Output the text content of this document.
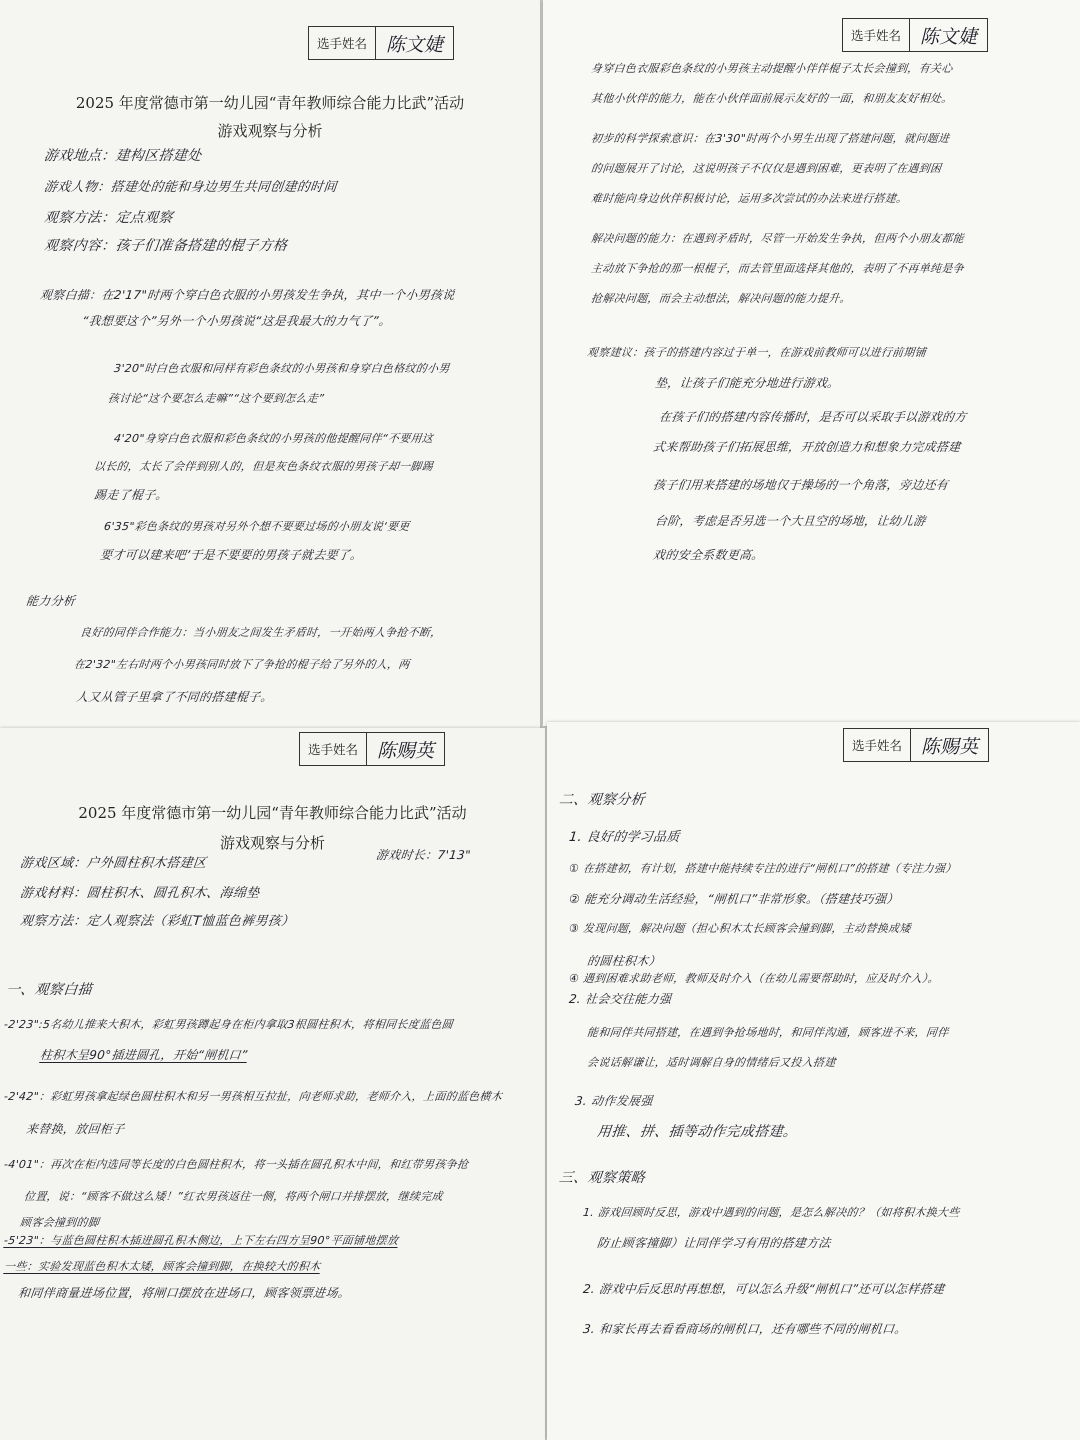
选手姓名	陈文婕
2025 年度常德市第一幼儿园“青年教师综合能力比武”活动
游戏观察与分析
游戏地点：建构区搭建处
游戏人物：搭建处的能和身边男生共同创建的时间
观察方法：定点观察
观察内容：孩子们准备搭建的棍子方格
观察白描：在2'17"时两个穿白色衣服的小男孩发生争执，其中一个小男孩说
“我想要这个”另外一个小男孩说“这是我最大的力气了”。
3'20"时白色衣服和同样有彩色条纹的小男孩和身穿白色格纹的小男
孩讨论“这个要怎么走嘛”“这个要到怎么走”
4'20"身穿白色衣服和彩色条纹的小男孩的他提醒同伴“不要用这
以长的，太长了会伴到别人的，但是灰色条纹衣服的男孩子却一脚踢
踢走了棍子。
6'35"彩色条纹的男孩对另外个想不要要过场的小朋友说‘要更
要才可以建来吧’于是不要要的男孩子就去要了。
能力分析
良好的同伴合作能力：当小朋友之间发生矛盾时，一开始两人争抢不断，
在2'32"左右时两个小男孩同时放下了争抢的棍子给了另外的人，两
人又从管子里拿了不同的搭建棍子。
选手姓名	陈文婕
身穿白色衣服彩色条纹的小男孩主动提醒小伴伴棍子太长会撞到，有关心
其他小伙伴的能力，能在小伙伴面前展示友好的一面，和朋友友好相处。
初步的科学探索意识：在3'30"时两个小男生出现了搭建问题，就问题进
的问题展开了讨论，这说明孩子不仅仅是遇到困难，更表明了在遇到困
难时能向身边伙伴积极讨论，运用多次尝试的办法来进行搭建。
解决问题的能力：在遇到矛盾时，尽管一开始发生争执，但两个小朋友都能
主动放下争抢的那一根棍子，而去管里面选择其他的，表明了不再单纯是争
抢解决问题，而会主动想法，解决问题的能力提升。
观察建议：孩子的搭建内容过于单一，在游戏前教师可以进行前期铺
垫，让孩子们能充分地进行游戏。
在孩子们的搭建内容传播时，是否可以采取手以游戏的方
式来帮助孩子们拓展思维，开放创造力和想象力完成搭建
孩子们用来搭建的场地仅于操场的一个角落，旁边还有
台阶，考虑是否另选一个大且空的场地，让幼儿游
戏的安全系数更高。
选手姓名	陈赐英
2025 年度常德市第一幼儿园“青年教师综合能力比武”活动
游戏观察与分析
游戏区域：户外圆柱积木搭建区
游戏时长：7'13"
游戏材料：圆柱积木、圆孔积木、海绵垫
观察方法：定人观察法（彩虹T恤蓝色裤男孩）
一、观察白描
-2'23":5名幼儿推来大积木，彩虹男孩蹲起身在柜内拿取3根圆柱积木，将相同长度蓝色圆
柱积木呈90°插进圆孔，开始“闸机口”
-2'42"：彩虹男孩拿起绿色圆柱积木和另一男孩相互拉扯，向老师求助，老师介入，上面的蓝色横木
来替换，放回柜子
-4'01"：再次在柜内选同等长度的白色圆柱积木，将一头插在圆孔积木中间，和红带男孩争抢
位置，说：“顾客不做这么矮！”红衣男孩返往一侧，将两个闸口并排摆放，继续完成
顾客会撞到的脚
-5'23"：与蓝色圆柱积木插进圆孔积木侧边，上下左右四方呈90°平面铺地摆放
一些：实验发现蓝色积木太矮，顾客会撞到脚，在换较大的积木
和同伴商量进场位置，将闸口摆放在进场口，顾客领票进场。
选手姓名	陈赐英
二、观察分析
1. 良好的学习品质
① 在搭建初，有计划，搭建中能持续专注的进行“闸机口”的搭建（专注力强）
② 能充分调动生活经验，“闸机口”非常形象。（搭建技巧强）
③ 发现问题，解决问题（担心积木太长顾客会撞到脚，主动替换成矮
的圆柱积木）
④ 遇到困难求助老师，教师及时介入（在幼儿需要帮助时，应及时介入）。
2. 社会交往能力强
能和同伴共同搭建，在遇到争抢场地时，和同伴沟通，顾客进不来，同伴
会说话解谦让，适时调解自身的情绪后又投入搭建
3. 动作发展强
用推、拼、插等动作完成搭建。
三、观察策略
1. 游戏回顾时反思，游戏中遇到的问题，是怎么解决的？（如将积木换大些
防止顾客撞脚）让同伴学习有用的搭建方法
2. 游戏中后反思时再想想，可以怎么升级“闸机口”还可以怎样搭建
3. 和家长再去看看商场的闸机口，还有哪些不同的闸机口。
